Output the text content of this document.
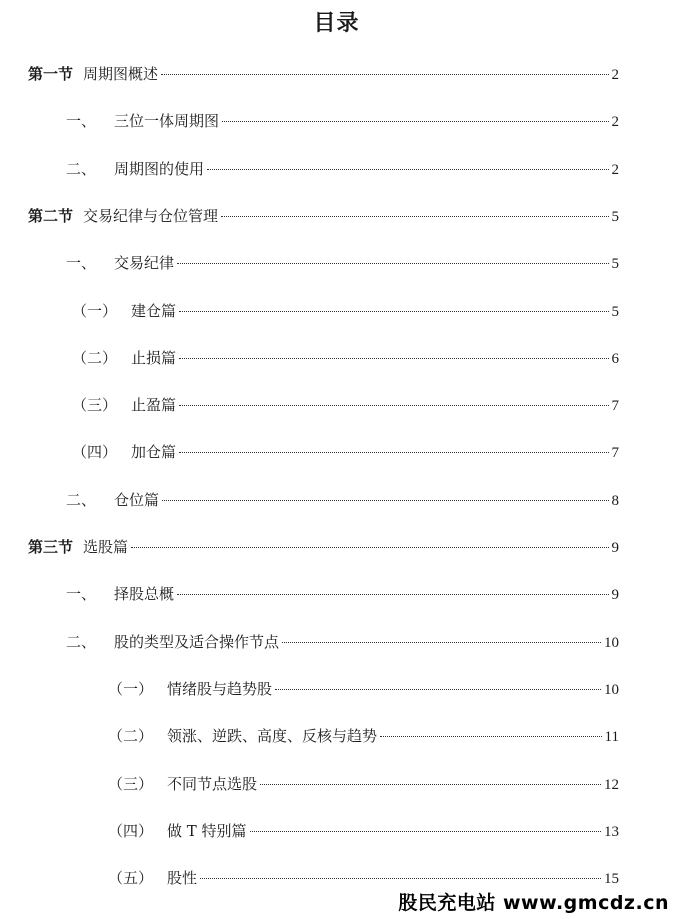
目录
第一节 周期图概述	2
一、 三位一体周期图	2
二、 周期图的使用	2
第二节 交易纪律与仓位管理	5
一、 交易纪律	5
（一） 建仓篇	5
（二） 止损篇	6
（三） 止盈篇	7
（四） 加仓篇	7
二、 仓位篇	8
第三节 选股篇	9
一、 择股总概	9
二、 股的类型及适合操作节点	10
（一） 情绪股与趋势股	10
（二） 领涨、逆跌、高度、反核与趋势	11
（三） 不同节点选股	12
（四） 做 T 特别篇	13
（五） 股性	15
股民充电站 www.gmcdz.cn
